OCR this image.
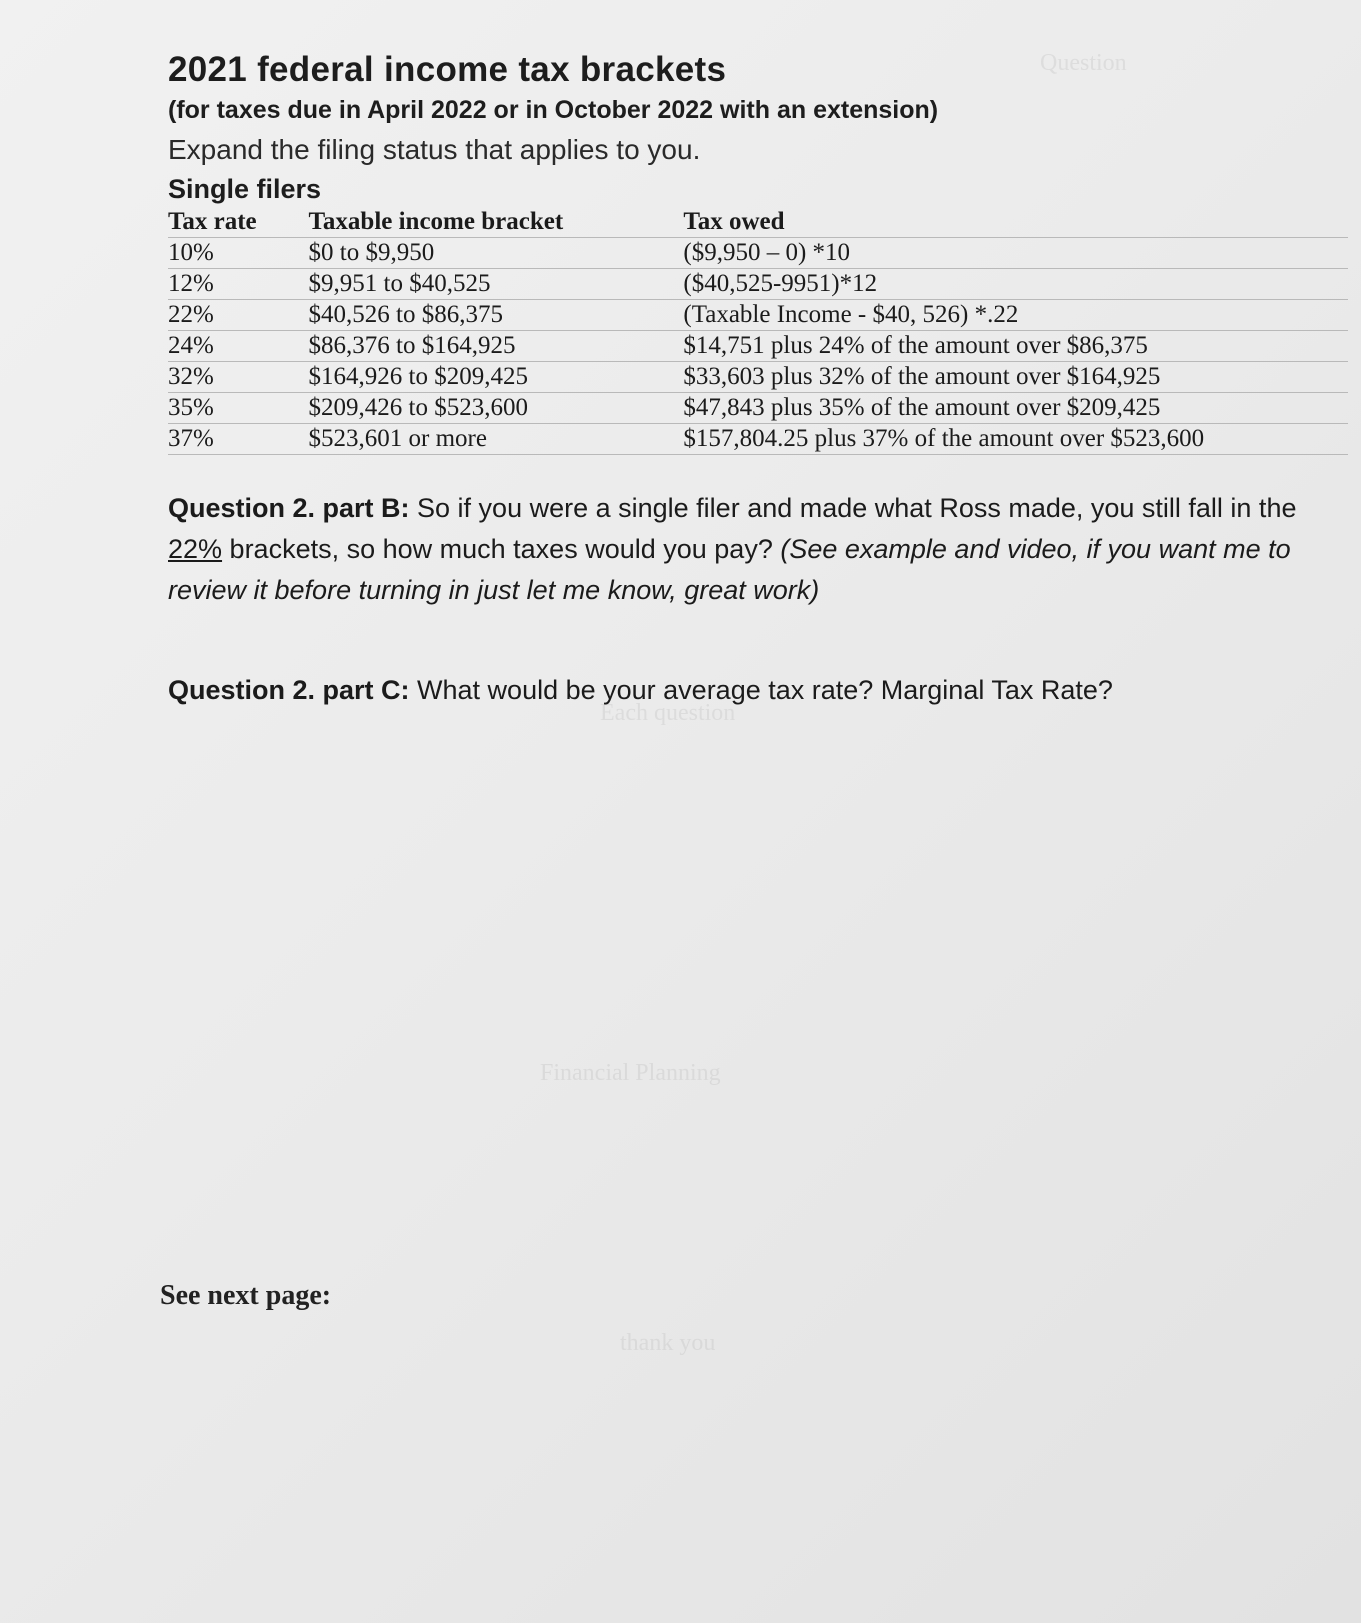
Question
Each question
Financial Planning
thank you
2021 federal income tax brackets
(for taxes due in April 2022 or in October 2022 with an extension)
Expand the filing status that applies to you.
Single filers
Tax rate	Taxable income bracket	Tax owed
10%	$0 to $9,950	($9,950 – 0) *10
12%	$9,951 to $40,525	($40,525-9951)*12
22%	$40,526 to $86,375	(Taxable Income - $40, 526) *.22
24%	$86,376 to $164,925	$14,751 plus 24% of the amount over $86,375
32%	$164,926 to $209,425	$33,603 plus 32% of the amount over $164,925
35%	$209,426 to $523,600	$47,843 plus 35% of the amount over $209,425
37%	$523,601 or more	$157,804.25 plus 37% of the amount over $523,600
Question 2. part B: So if you were a single filer and made what Ross made, you still fall in the 22% brackets, so how much taxes would you pay? (See example and video, if you want me to review it before turning in just let me know, great work)
Question 2. part C: What would be your average tax rate? Marginal Tax Rate?
See next page:
